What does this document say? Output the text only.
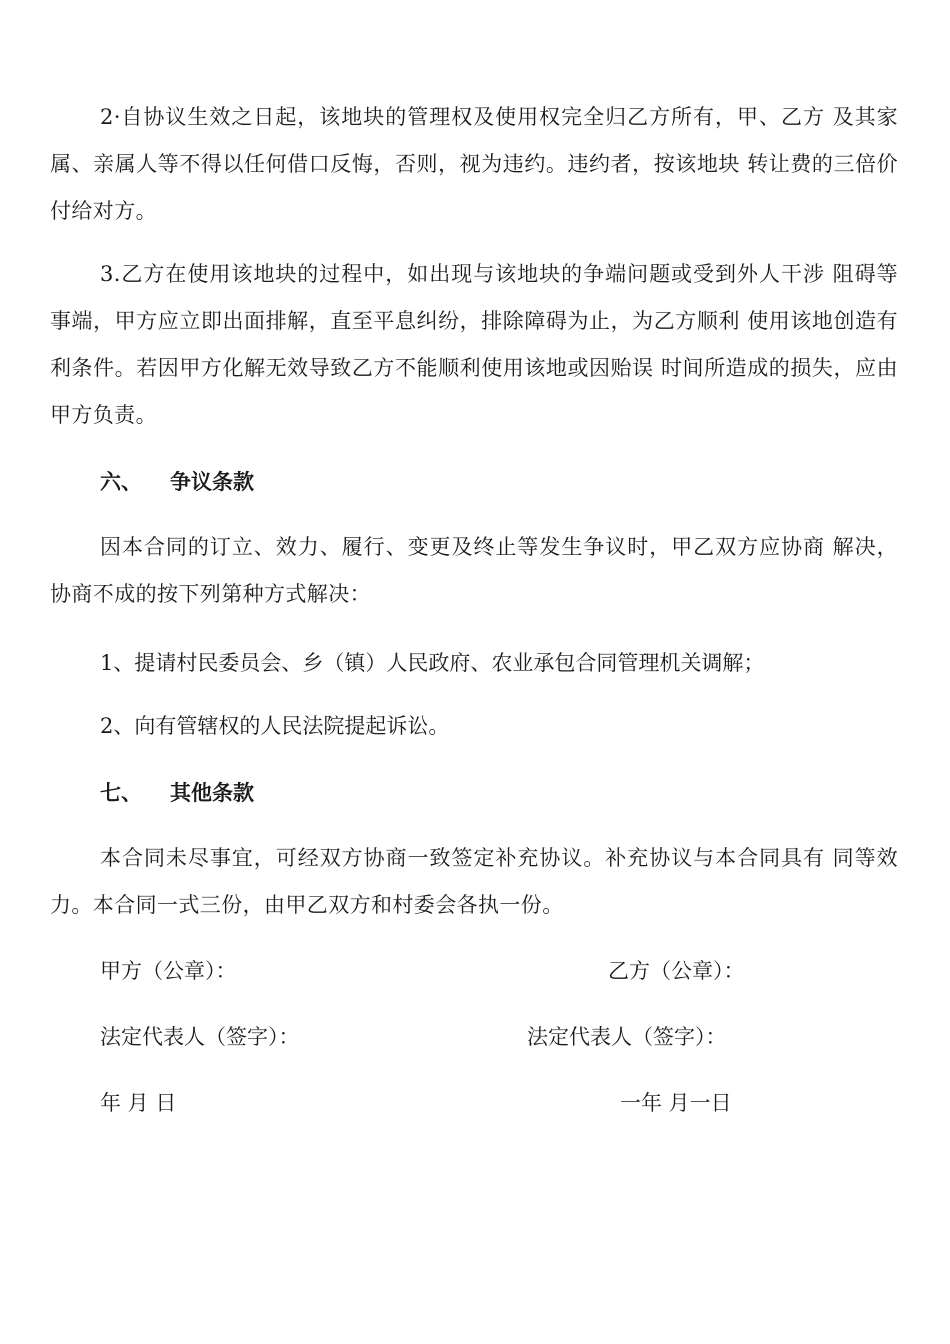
2·自协议生效之日起，该地块的管理权及使用权完全归乙方所有，甲、乙方 及其家属、亲属人等不得以任何借口反悔，否则，视为违约。违约者，按该地块 转让费的三倍价付给对方。

3.乙方在使用该地块的过程中，如出现与该地块的争端问题或受到外人干涉 阻碍等事端，甲方应立即出面排解，直至平息纠纷，排除障碍为止，为乙方顺利 使用该地创造有利条件。若因甲方化解无效导致乙方不能顺利使用该地或因贻误 时间所造成的损失，应由甲方负责。

六、 争议条款

因本合同的订立、效力、履行、变更及终止等发生争议时，甲乙双方应协商 解决，协商不成的按下列第种方式解决：

1、提请村民委员会、乡（镇）人民政府、农业承包合同管理机关调解；

2、向有管辖权的人民法院提起诉讼。

七、 其他条款

本合同未尽事宜，可经双方协商一致签定补充协议。补充协议与本合同具有 同等效力。本合同一式三份，由甲乙双方和村委会各执一份。

甲方（公章）：	乙方（公章）：

法定代表人（签字）：	法定代表人（签字）：

年 月 日	一年 月一日
